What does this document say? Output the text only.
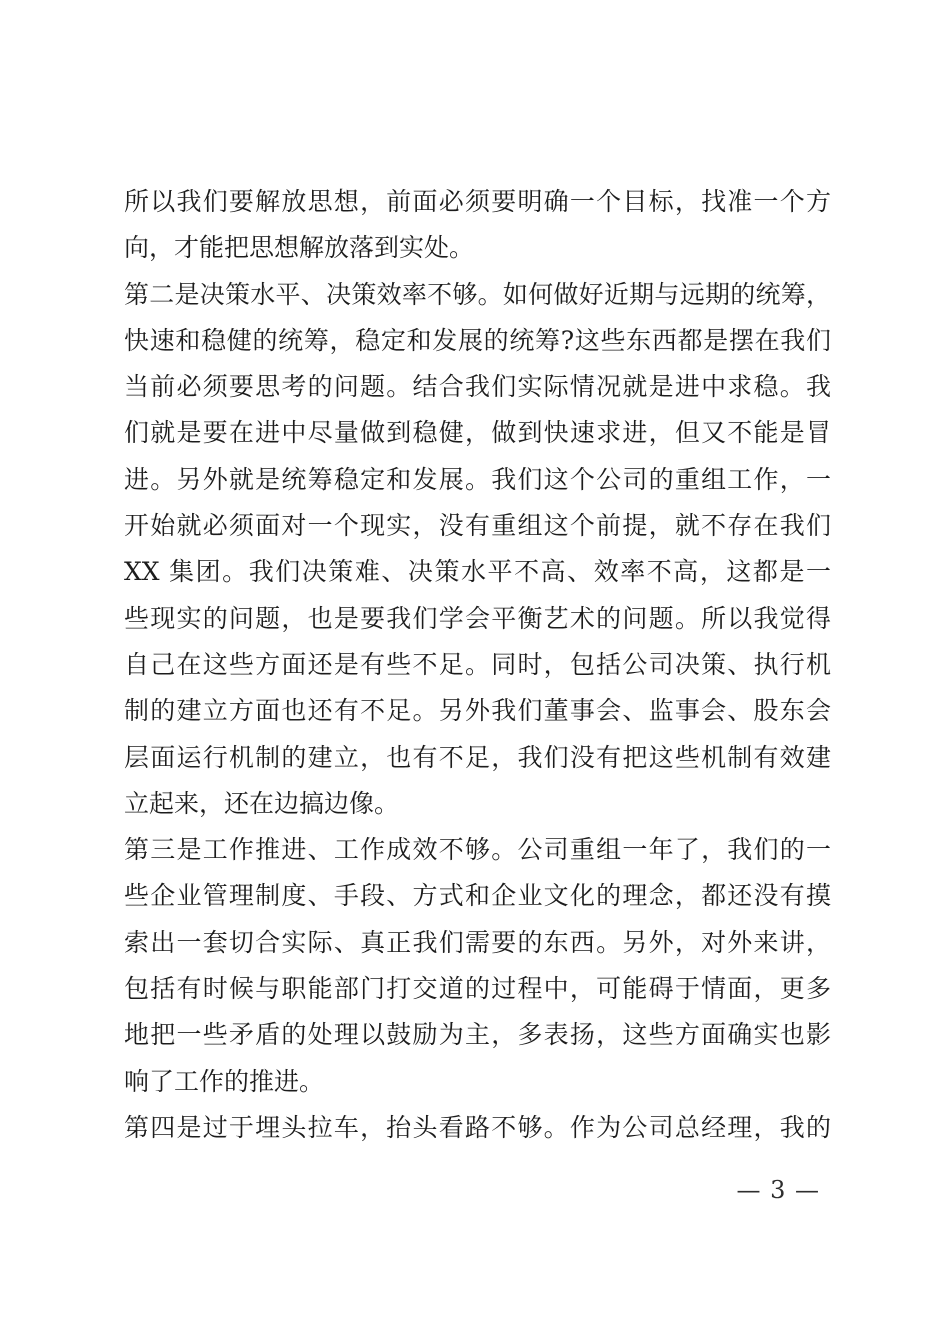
所以我们要解放思想，前面必须要明确一个目标，找准一个方
向，才能把思想解放落到实处。
第二是决策水平、决策效率不够。如何做好近期与远期的统筹，
快速和稳健的统筹，稳定和发展的统筹?这些东西都是摆在我们
当前必须要思考的问题。结合我们实际情况就是进中求稳。我
们就是要在进中尽量做到稳健，做到快速求进，但又不能是冒
进。另外就是统筹稳定和发展。我们这个公司的重组工作，一
开始就必须面对一个现实，没有重组这个前提，就不存在我们
XX 集团。我们决策难、决策水平不高、效率不高，这都是一
些现实的问题，也是要我们学会平衡艺术的问题。所以我觉得
自己在这些方面还是有些不足。同时，包括公司决策、执行机
制的建立方面也还有不足。另外我们董事会、监事会、股东会
层面运行机制的建立，也有不足，我们没有把这些机制有效建
立起来，还在边搞边像。
第三是工作推进、工作成效不够。公司重组一年了，我们的一
些企业管理制度、手段、方式和企业文化的理念，都还没有摸
索出一套切合实际、真正我们需要的东西。另外，对外来讲，
包括有时候与职能部门打交道的过程中，可能碍于情面，更多
地把一些矛盾的处理以鼓励为主，多表扬，这些方面确实也影
响了工作的推进。
第四是过于埋头拉车，抬头看路不够。作为公司总经理，我的
— 3 —
